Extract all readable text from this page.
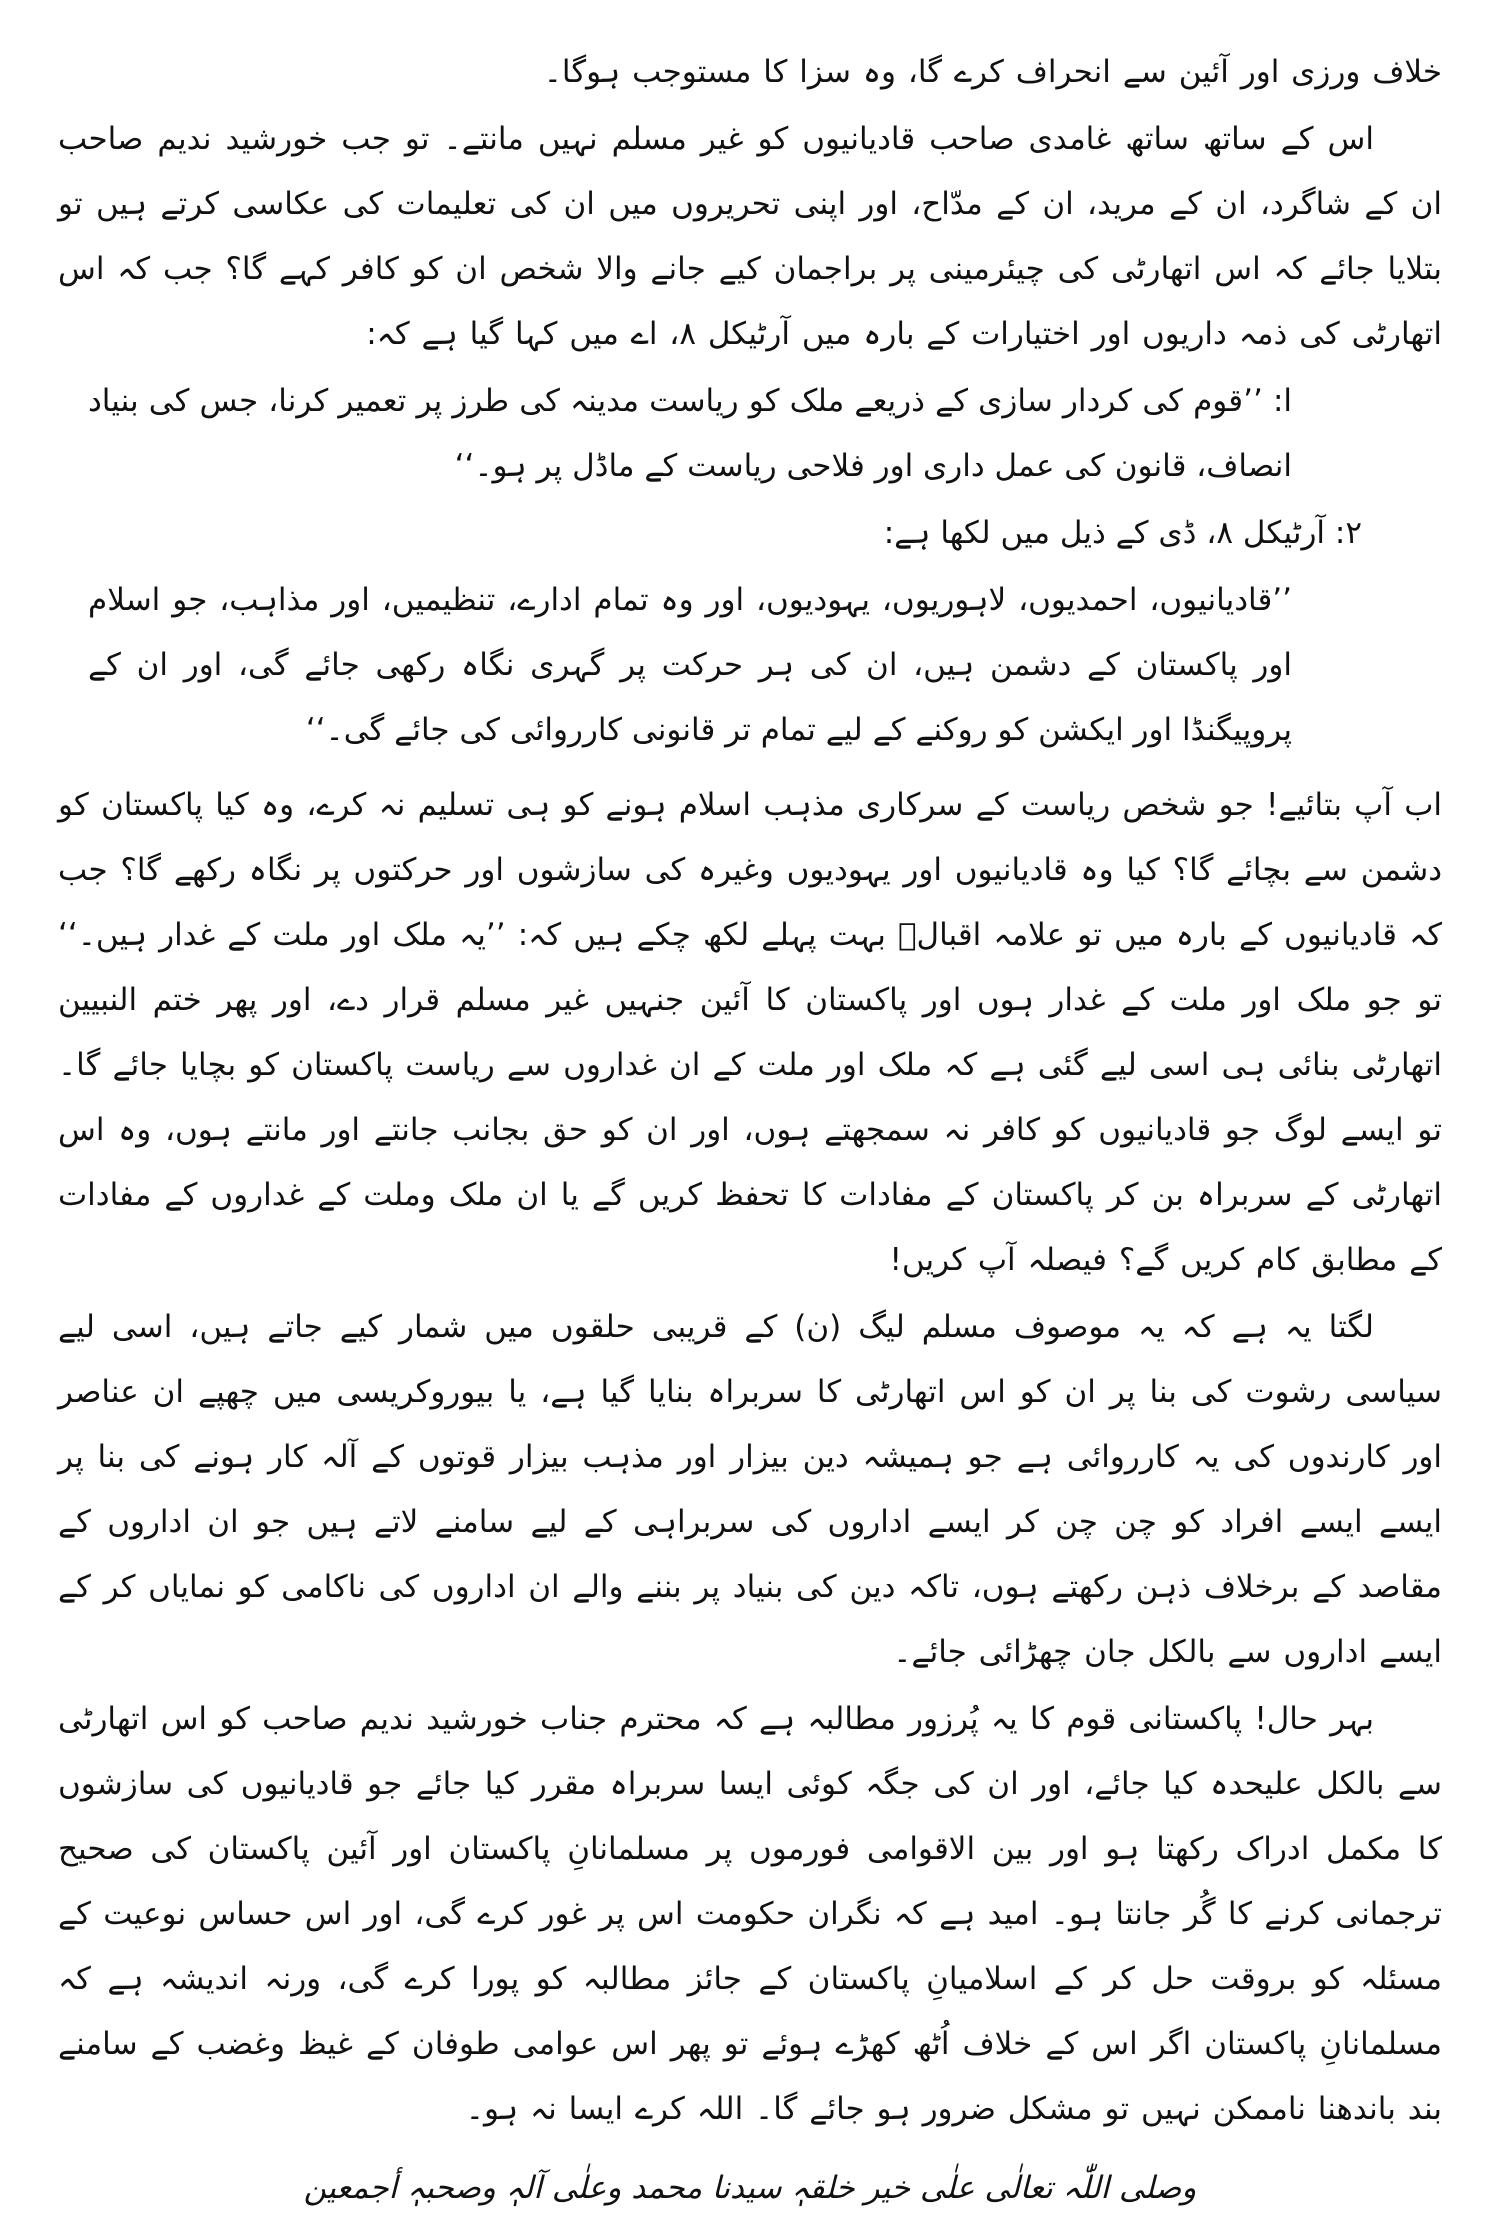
خلاف ورزی اور آئین سے انحراف کرے گا، وہ سزا کا مستوجب ہوگا۔

اس کے ساتھ ساتھ غامدی صاحب قادیانیوں کو غیر مسلم نہیں مانتے۔ تو جب خورشید ندیم صاحب ان کے شاگرد، ان کے مرید، ان کے مدّاح، اور اپنی تحریروں میں ان کی تعلیمات کی عکاسی کرتے ہیں تو بتلایا جائے کہ اس اتھارٹی کی چیئرمینی پر براجمان کیے جانے والا شخص ان کو کافر کہے گا؟ جب کہ اس اتھارٹی کی ذمہ داریوں اور اختیارات کے بارہ میں آرٹیکل ۸، اے میں کہا گیا ہے کہ:

ا: ’’قوم کی کردار سازی کے ذریعے ملک کو ریاست مدینہ کی طرز پر تعمیر کرنا، جس کی بنیاد انصاف، قانون کی عمل داری اور فلاحی ریاست کے ماڈل پر ہو۔‘‘

۲: آرٹیکل ۸، ڈی کے ذیل میں لکھا ہے:

’’قادیانیوں، احمدیوں، لاہوریوں، یہودیوں، اور وہ تمام ادارے، تنظیمیں، اور مذاہب، جو اسلام اور پاکستان کے دشمن ہیں، ان کی ہر حرکت پر گہری نگاہ رکھی جائے گی، اور ان کے پروپیگنڈا اور ایکشن کو روکنے کے لیے تمام تر قانونی کارروائی کی جائے گی۔‘‘

اب آپ بتائیے! جو شخص ریاست کے سرکاری مذہب اسلام ہونے کو ہی تسلیم نہ کرے، وہ کیا پاکستان کو دشمن سے بچائے گا؟ کیا وہ قادیانیوں اور یہودیوں وغیرہ کی سازشوں اور حرکتوں پر نگاہ رکھے گا؟ جب کہ قادیانیوں کے بارہ میں تو علامہ اقبالؒ بہت پہلے لکھ چکے ہیں کہ: ’’یہ ملک اور ملت کے غدار ہیں۔‘‘ تو جو ملک اور ملت کے غدار ہوں اور پاکستان کا آئین جنہیں غیر مسلم قرار دے، اور پھر ختم النبیین اتھارٹی بنائی ہی اسی لیے گئی ہے کہ ملک اور ملت کے ان غداروں سے ریاست پاکستان کو بچایا جائے گا۔ تو ایسے لوگ جو قادیانیوں کو کافر نہ سمجھتے ہوں، اور ان کو حق بجانب جانتے اور مانتے ہوں، وہ اس اتھارٹی کے سربراہ بن کر پاکستان کے مفادات کا تحفظ کریں گے یا ان ملک وملت کے غداروں کے مفادات کے مطابق کام کریں گے؟ فیصلہ آپ کریں!

لگتا یہ ہے کہ یہ موصوف مسلم لیگ (ن) کے قریبی حلقوں میں شمار کیے جاتے ہیں، اسی لیے سیاسی رشوت کی بنا پر ان کو اس اتھارٹی کا سربراہ بنایا گیا ہے، یا بیوروکریسی میں چھپے ان عناصر اور کارندوں کی یہ کارروائی ہے جو ہمیشہ دین بیزار اور مذہب بیزار قوتوں کے آلہ کار ہونے کی بنا پر ایسے ایسے افراد کو چن چن کر ایسے اداروں کی سربراہی کے لیے سامنے لاتے ہیں جو ان اداروں کے مقاصد کے برخلاف ذہن رکھتے ہوں، تاکہ دین کی بنیاد پر بننے والے ان اداروں کی ناکامی کو نمایاں کر کے ایسے اداروں سے بالکل جان چھڑائی جائے۔

بہر حال! پاکستانی قوم کا یہ پُرزور مطالبہ ہے کہ محترم جناب خورشید ندیم صاحب کو اس اتھارٹی سے بالکل علیحدہ کیا جائے، اور ان کی جگہ کوئی ایسا سربراہ مقرر کیا جائے جو قادیانیوں کی سازشوں کا مکمل ادراک رکھتا ہو اور بین الاقوامی فورموں پر مسلمانانِ پاکستان اور آئین پاکستان کی صحیح ترجمانی کرنے کا گُر جانتا ہو۔ امید ہے کہ نگران حکومت اس پر غور کرے گی، اور اس حساس نوعیت کے مسئلہ کو بروقت حل کر کے اسلامیانِ پاکستان کے جائز مطالبہ کو پورا کرے گی، ورنہ اندیشہ ہے کہ مسلمانانِ پاکستان اگر اس کے خلاف اُٹھ کھڑے ہوئے تو پھر اس عوامی طوفان کے غیظ وغضب کے سامنے بند باندھنا ناممکن نہیں تو مشکل ضرور ہو جائے گا۔ اللہ کرے ایسا نہ ہو۔

وصلی اللّٰہ تعالٰی علٰی خیر خلقہٖ سیدنا محمد وعلٰی آلہٖ وصحبہٖ أجمعین
